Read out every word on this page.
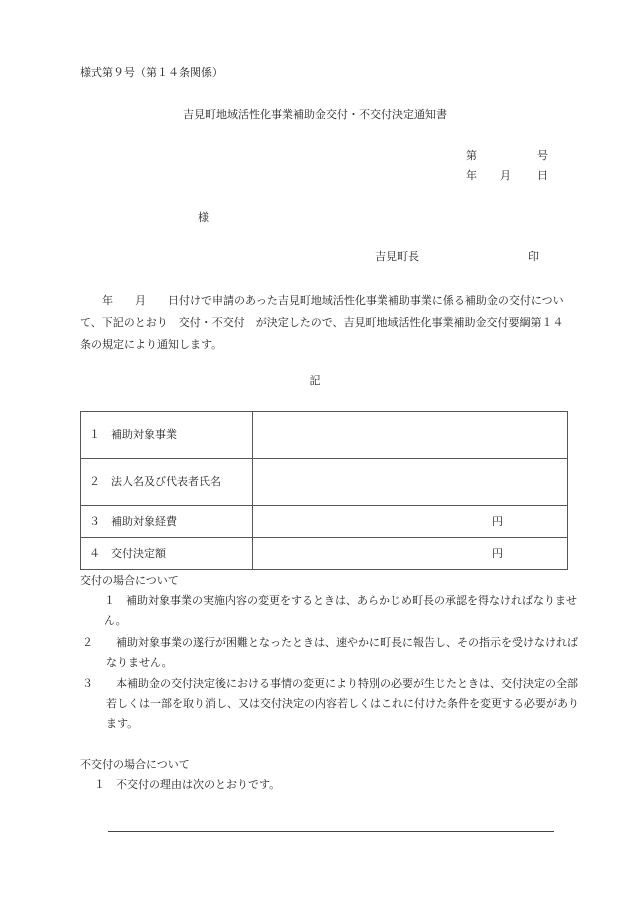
様式第９号（第１４条関係）
吉見町地域活性化事業補助金交付・不交付決定通知書
第	号
年 月 日
様
吉見町長	印
年　　月　　日付けで申請のあった吉見町地域活性化事業補助事業に係る補助金の交付について、下記のとおり　交付・不交付　が決定したので、吉見町地域活性化事業補助金交付要綱第１４条の規定により通知します。
記
１ 補助対象事業	
２ 法人名及び代表者氏名	
３ 補助対象経費	円
４ 交付決定額	円
交付の場合について
１ 補助対象事業の実施内容の変更をするときは、あらかじめ町長の承認を得なければなりません。
２ 補助対象事業の遂行が困難となったときは、速やかに町長に報告し、その指示を受けなければなりません。
３ 本補助金の交付決定後における事情の変更により特別の必要が生じたときは、交付決定の全部若しくは一部を取り消し、又は交付決定の内容若しくはこれに付けた条件を変更する必要があります。
不交付の場合について
１ 不交付の理由は次のとおりです。
